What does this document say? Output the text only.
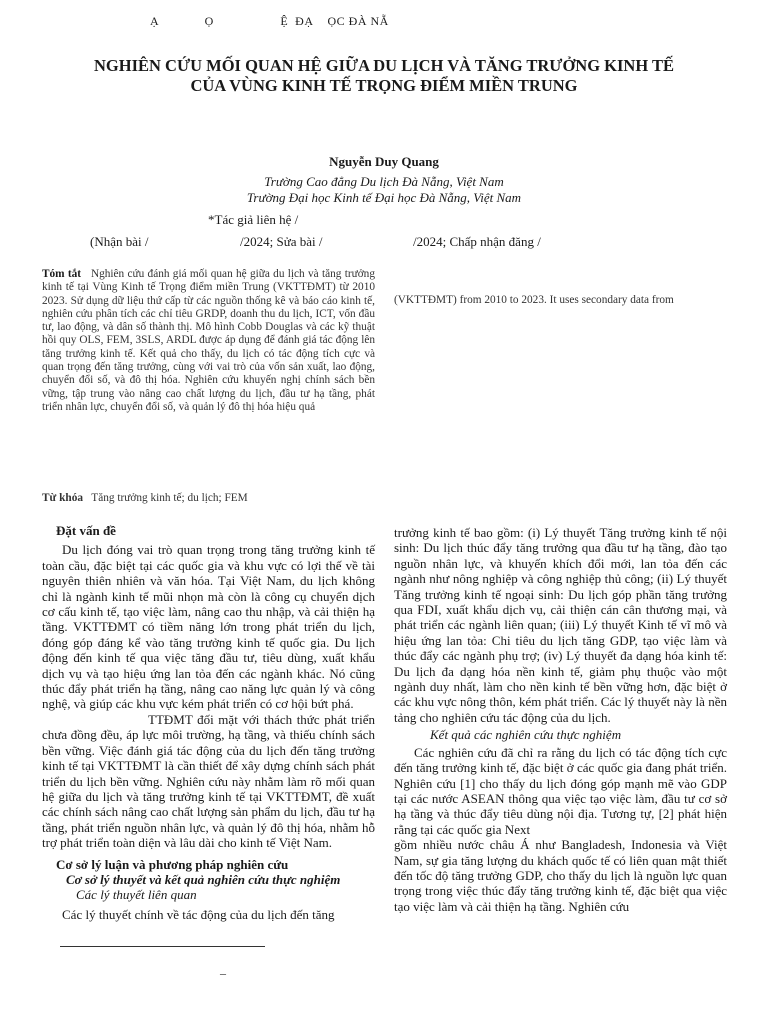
Ạ             Ọ                   Ệ  ĐẠ    ỌC ĐÀ NẴ
NGHIÊN CỨU MỐI QUAN HỆ GIỮA DU LỊCH VÀ TĂNG TRƯỞNG KINH TẾ
CỦA VÙNG KINH TẾ TRỌNG ĐIỂM MIỀN TRUNG
Nguyễn Duy Quang
Trường Cao đẳng Du lịch Đà Nẵng, Việt Nam
Trường Đại học Kinh tế Đại học Đà Nẵng, Việt Nam
*Tác giả liên hệ /
(Nhận bài /	/2024; Sửa bài /	/2024; Chấp nhận đăng /
Tóm tắt Nghiên cứu đánh giá mối quan hệ giữa du lịch và tăng trưởng kinh tế tại Vùng Kinh tế Trọng điểm miền Trung (VKTTĐMT) từ 2010 2023. Sử dụng dữ liệu thứ cấp từ các nguồn thống kê và báo cáo kinh tế, nghiên cứu phân tích các chỉ tiêu GRDP, doanh thu du lịch, ICT, vốn đầu tư, lao động, và dân số thành thị. Mô hình Cobb Douglas và các kỹ thuật hồi quy OLS, FEM, 3SLS, ARDL được áp dụng để đánh giá tác động lên tăng trưởng kinh tế. Kết quả cho thấy, du lịch có tác động tích cực và quan trọng đến tăng trưởng, cùng với vai trò của vốn sản xuất, lao động, chuyển đổi số, và đô thị hóa. Nghiên cứu khuyến nghị chính sách bền vững, tập trung vào nâng cao chất lượng du lịch, đầu tư hạ tầng, phát triển nhân lực, chuyển đổi số, và quản lý đô thị hóa hiệu quả
(VKTTĐMT) from 2010 to 2023. It uses secondary data from
Từ khóa Tăng trưởng kinh tế; du lịch; FEM
Đặt vấn đề

Du lịch đóng vai trò quan trọng trong tăng trưởng kinh tế toàn cầu, đặc biệt tại các quốc gia và khu vực có lợi thế về tài nguyên thiên nhiên và văn hóa. Tại Việt Nam, du lịch không chỉ là ngành kinh tế mũi nhọn mà còn là công cụ chuyển dịch cơ cấu kinh tế, tạo việc làm, nâng cao thu nhập, và cải thiện hạ tầng. VKTTĐMT có tiềm năng lớn trong phát triển du lịch, đóng góp đáng kể vào tăng trưởng kinh tế quốc gia. Du lịch động đến kinh tế qua việc tăng đầu tư, tiêu dùng, xuất khẩu dịch vụ và tạo hiệu ứng lan tỏa đến các ngành khác. Nó cũng thúc đẩy phát triển hạ tầng, nâng cao năng lực quản lý và công nghệ, và giúp các khu vực kém phát triển có cơ hội bứt phá.

TTĐMT đối mặt với thách thức phát triển chưa đồng đều, áp lực môi trường, hạ tầng, và thiếu chính sách bền vững. Việc đánh giá tác động của du lịch đến tăng trưởng kinh tế tại VKTTĐMT là cần thiết để xây dựng chính sách phát triển du lịch bền vững. Nghiên cứu này nhằm làm rõ mối quan hệ giữa du lịch và tăng trưởng kinh tế tại VKTTĐMT, đề xuất các chính sách nâng cao chất lượng sản phẩm du lịch, đầu tư hạ tầng, phát triển nguồn nhân lực, và quản lý đô thị hóa, nhằm hỗ trợ phát triển toàn diện và lâu dài cho kinh tế Việt Nam.

Cơ sở lý luận và phương pháp nghiên cứu
Cơ sở lý thuyết và kết quả nghiên cứu thực nghiệm
Các lý thuyết liên quan

Các lý thuyết chính về tác động của du lịch đến tăng

trưởng kinh tế bao gồm: (i) Lý thuyết Tăng trưởng kinh tế nội sinh: Du lịch thúc đẩy tăng trưởng qua đầu tư hạ tầng, đào tạo nguồn nhân lực, và khuyến khích đổi mới, lan tỏa đến các ngành như nông nghiệp và công nghiệp thủ công; (ii) Lý thuyết Tăng trưởng kinh tế ngoại sinh: Du lịch góp phần tăng trưởng qua FDI, xuất khẩu dịch vụ, cải thiện cán cân thương mại, và phát triển các ngành liên quan; (iii) Lý thuyết Kinh tế vĩ mô và hiệu ứng lan tỏa: Chi tiêu du lịch tăng GDP, tạo việc làm và thúc đẩy các ngành phụ trợ; (iv) Lý thuyết đa dạng hóa kinh tế: Du lịch đa dạng hóa nền kinh tế, giảm phụ thuộc vào một ngành duy nhất, làm cho nền kinh tế bền vững hơn, đặc biệt ở các khu vực nông thôn, kém phát triển. Các lý thuyết này là nền tảng cho nghiên cứu tác động của du lịch.

Kết quả các nghiên cứu thực nghiệm

Các nghiên cứu đã chỉ ra rằng du lịch có tác động tích cực đến tăng trưởng kinh tế, đặc biệt ở các quốc gia đang phát triển. Nghiên cứu [1] cho thấy du lịch đóng góp mạnh mẽ vào GDP tại các nước ASEAN thông qua việc tạo việc làm, đầu tư cơ sở hạ tầng và thúc đẩy tiêu dùng nội địa. Tương tự, [2] phát hiện rằng tại các quốc gia Next

gồm nhiều nước châu Á như Bangladesh, Indonesia và Việt Nam, sự gia tăng lượng du khách quốc tế có liên quan mật thiết đến tốc độ tăng trưởng GDP, cho thấy du lịch là nguồn lực quan trọng trong việc thúc đẩy tăng trưởng kinh tế, đặc biệt qua việc tạo việc làm và cải thiện hạ tầng. Nghiên cứu

–
